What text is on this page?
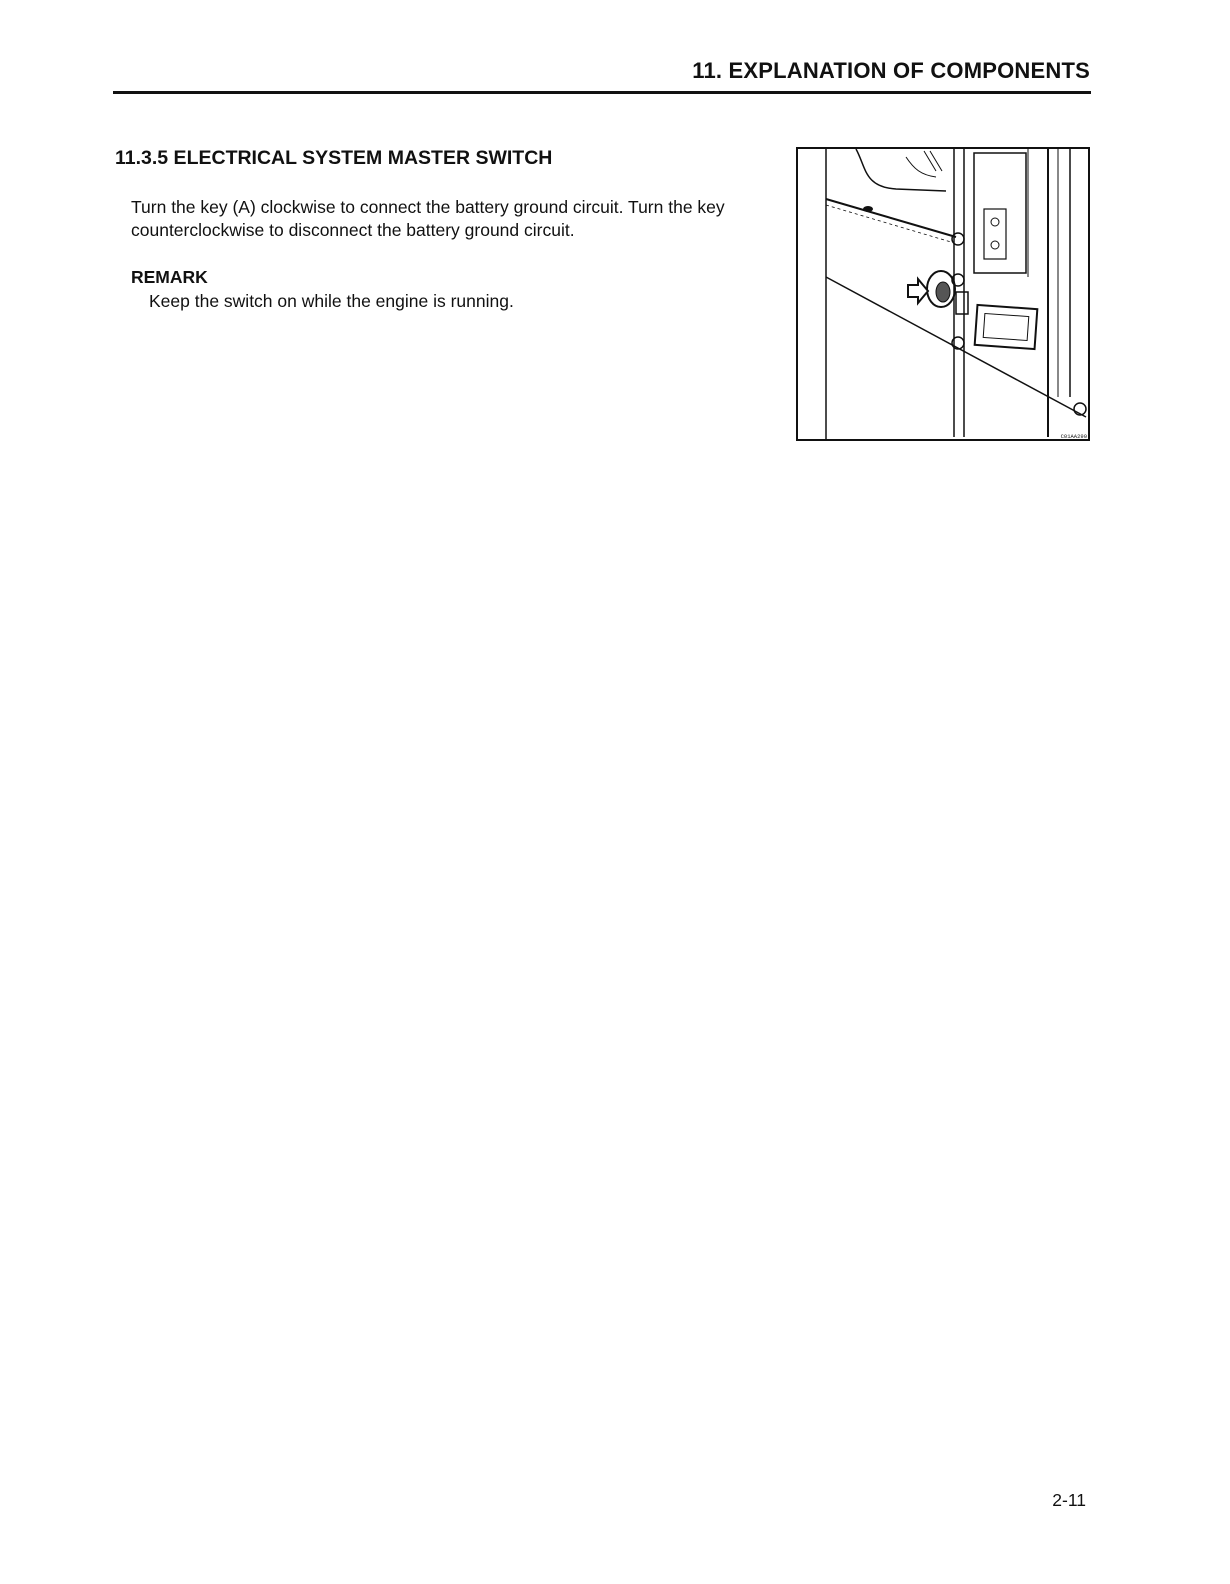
11. EXPLANATION OF COMPONENTS
11.3.5 ELECTRICAL SYSTEM MASTER SWITCH
Turn the key (A) clockwise to connect the battery ground circuit. Turn the key counterclockwise to disconnect the battery ground circuit.
REMARK
Keep the switch on while the engine is running.
C01AA290
2-11
